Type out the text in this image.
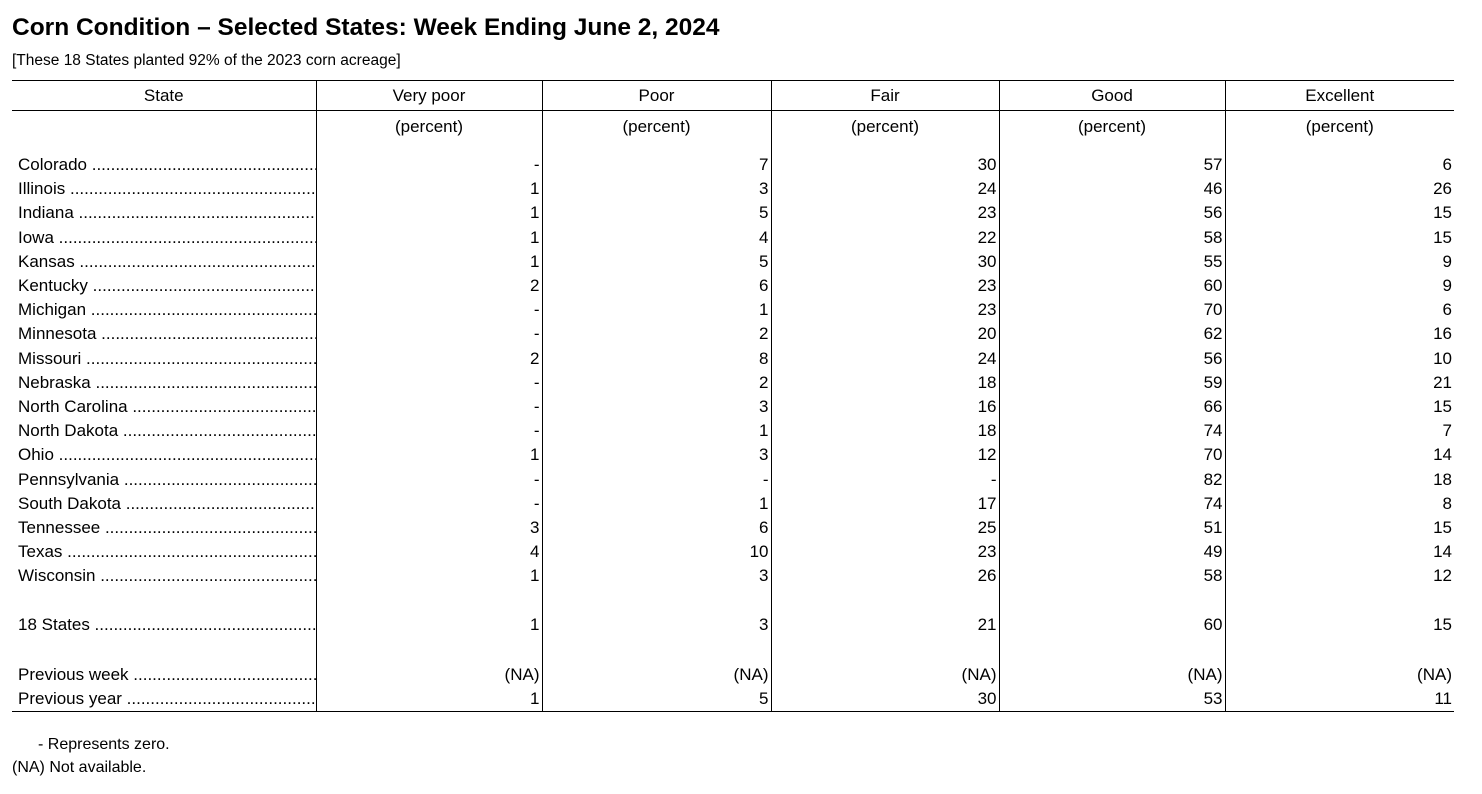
Corn Condition – Selected States: Week Ending June 2, 2024
[These 18 States planted 92% of the 2023 corn acreage]
State	Very poor	Poor	Fair	Good	Excellent
	(percent)	(percent)	(percent)	(percent)	(percent)
Colorado .....	-	7	30	57	6
Illinois .....	1	3	24	46	26
Indiana .....	1	5	23	56	15
Iowa .....	1	4	22	58	15
Kansas .....	1	5	30	55	9
Kentucky .....	2	6	23	60	9
Michigan .....	-	1	23	70	6
Minnesota .....	-	2	20	62	16
Missouri .....	2	8	24	56	10
Nebraska .....	-	2	18	59	21
North Carolina .....	-	3	16	66	15
North Dakota .....	-	1	18	74	7
Ohio .....	1	3	12	70	14
Pennsylvania .....	-	-	-	82	18
South Dakota .....	-	1	17	74	8
Tennessee .....	3	6	25	51	15
Texas .....	4	10	23	49	14
Wisconsin .....	1	3	26	58	12

18 States .....	1	3	21	60	15

Previous week .....	(NA)	(NA)	(NA)	(NA)	(NA)
Previous year .....	1	5	30	53	11
- Represents zero.
(NA) Not available.
